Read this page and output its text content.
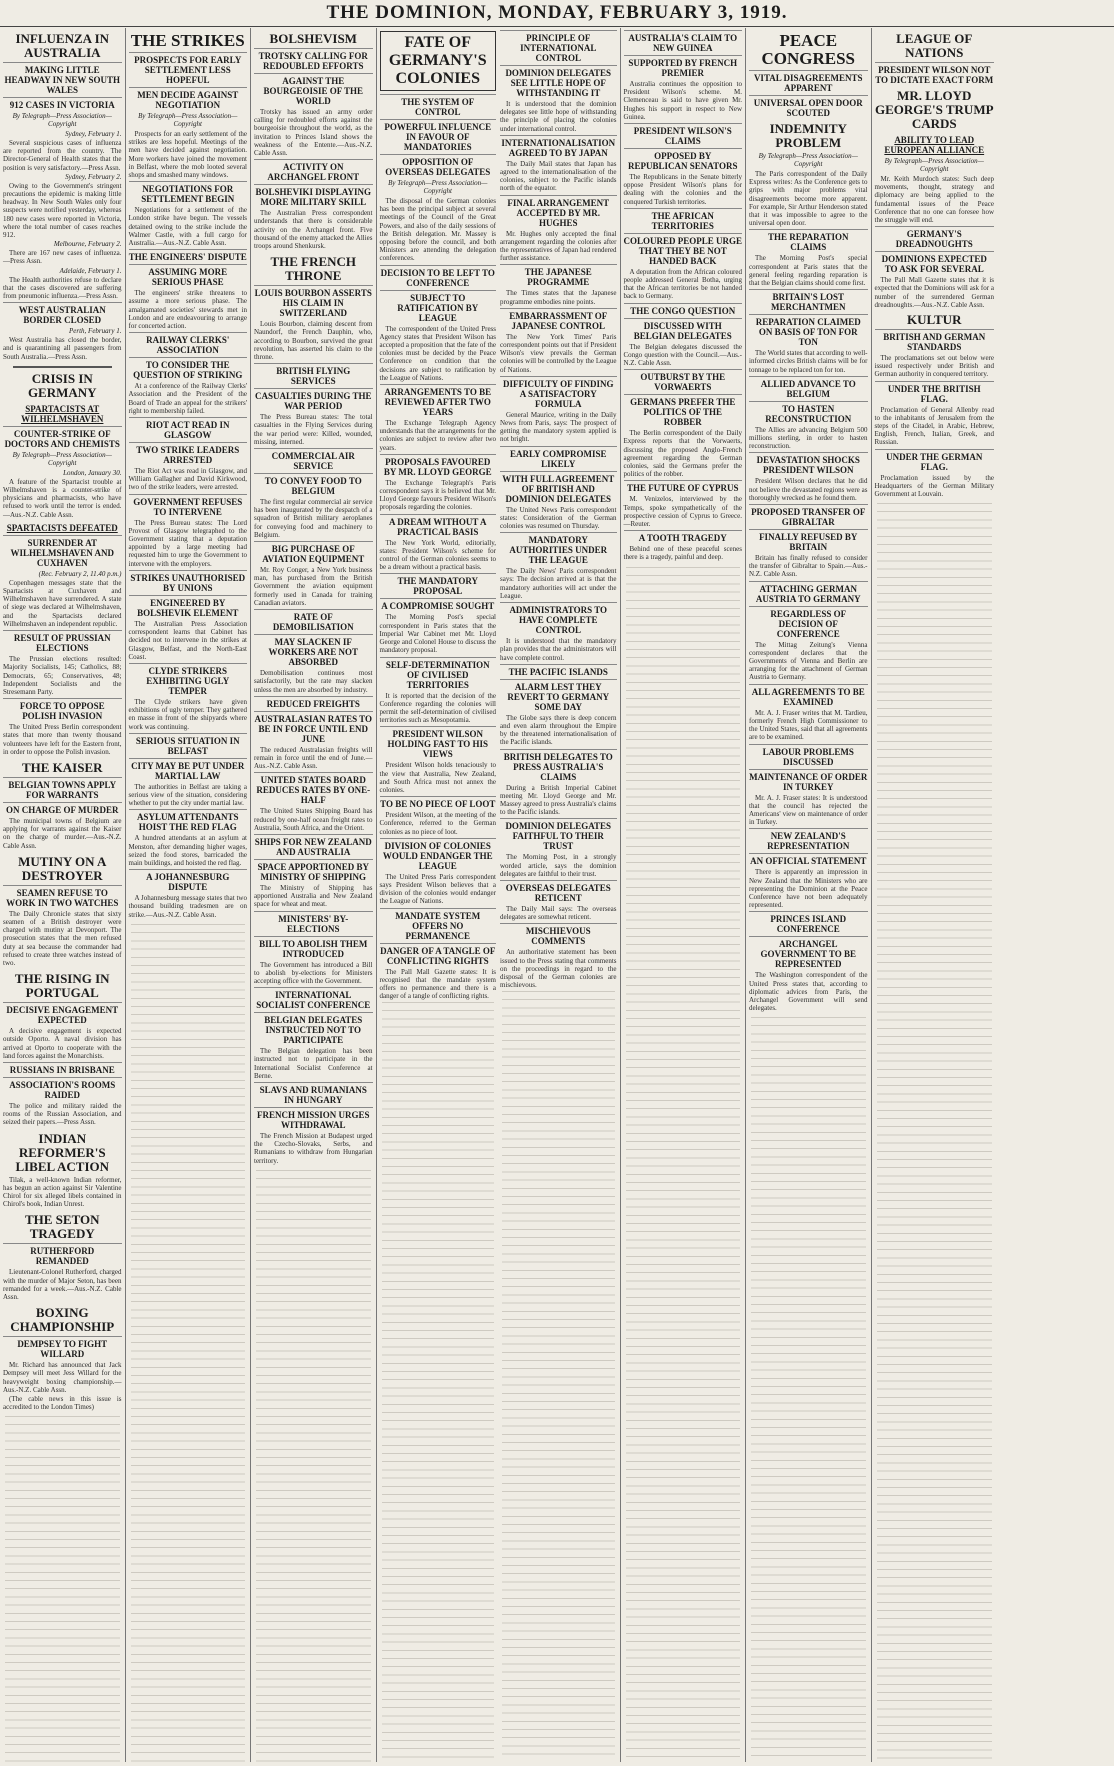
THE DOMINION, MONDAY, FEBRUARY 3, 1919.
INFLUENZA IN AUSTRALIA
MAKING LITTLE HEADWAY IN NEW SOUTH WALES
912 CASES IN VICTORIA
By Telegraph—Press Association—Copyright
Sydney, February 1.
Several suspicious cases of influenza are reported from the country. The Director-General of Health states that the position is very satisfactory.—Press Assn.
Sydney, February 2.
Owing to the Government's stringent precautions the epidemic is making little headway. In New South Wales only four suspects were notified yesterday, whereas 180 new cases were reported in Victoria, where the total number of cases reaches 912.
Melbourne, February 2.
There are 167 new cases of influenza.—Press Assn.
Adelaide, February 1.
The Health authorities refuse to declare that the cases discovered are suffering from pneumonic influenza.—Press Assn.
WEST AUSTRALIAN BORDER CLOSED
Perth, February 1.
West Australia has closed the border, and is quarantining all passengers from South Australia.—Press Assn.
CRISIS IN GERMANY
SPARTACISTS AT WILHELMSHAVEN
COUNTER-STRIKE OF DOCTORS AND CHEMISTS
By Telegraph—Press Association—Copyright
London, January 30.
A feature of the Spartacist trouble at Wilhelmshaven is a counter-strike of physicians and pharmacists, who have refused to work until the terror is ended.—Aus.-N.Z. Cable Assn.
SPARTACISTS DEFEATED
SURRENDER AT WILHELMSHAVEN AND CUXHAVEN
(Rec. February 2, 11.40 p.m.)
Copenhagen messages state that the Spartacists at Cuxhaven and Wilhelmshaven have surrendered. A state of siege was declared at Wilhelmshaven, and the Spartacists declared Wilhelmshaven an independent republic.
RESULT OF PRUSSIAN ELECTIONS
The Prussian elections resulted: Majority Socialists, 145; Catholics, 88; Democrats, 65; Conservatives, 48; Independent Socialists and the Stresemann Party.
FORCE TO OPPOSE POLISH INVASION
The United Press Berlin correspondent states that more than twenty thousand volunteers have left for the Eastern front, in order to oppose the Polish invasion.
THE KAISER
BELGIAN TOWNS APPLY FOR WARRANTS
ON CHARGE OF MURDER
The municipal towns of Belgium are applying for warrants against the Kaiser on the charge of murder.—Aus.-N.Z. Cable Assn.
MUTINY ON A DESTROYER
SEAMEN REFUSE TO WORK IN TWO WATCHES
The Daily Chronicle states that sixty seamen of a British destroyer were charged with mutiny at Devonport. The prosecution states that the men refused duty at sea because the commander had refused to create three watches instead of two.
THE RISING IN PORTUGAL
DECISIVE ENGAGEMENT EXPECTED
A decisive engagement is expected outside Oporto. A naval division has arrived at Oporto to cooperate with the land forces against the Monarchists.
RUSSIANS IN BRISBANE
ASSOCIATION'S ROOMS RAIDED
The police and military raided the rooms of the Russian Association, and seized their papers.—Press Assn.
INDIAN REFORMER'S LIBEL ACTION
Tilak, a well-known Indian reformer, has begun an action against Sir Valentine Chirol for six alleged libels contained in Chirol's book, Indian Unrest.
THE SETON TRAGEDY
RUTHERFORD REMANDED
Lieutenant-Colonel Rutherford, charged with the murder of Major Seton, has been remanded for a week.—Aus.-N.Z. Cable Assn.
BOXING CHAMPIONSHIP
DEMPSEY TO FIGHT WILLARD
Mr. Richard has announced that Jack Dempsey will meet Jess Willard for the heavyweight boxing championship.—Aus.-N.Z. Cable Assn.
(The cable news in this issue is accredited to the London Times)
THE STRIKES
PROSPECTS FOR EARLY SETTLEMENT LESS HOPEFUL
MEN DECIDE AGAINST NEGOTIATION
By Telegraph—Press Association—Copyright
Prospects for an early settlement of the strikes are less hopeful. Meetings of the men have decided against negotiation. More workers have joined the movement in Belfast, where the mob looted several shops and smashed many windows.
NEGOTIATIONS FOR SETTLEMENT BEGIN
Negotiations for a settlement of the London strike have begun. The vessels detained owing to the strike include the Walmer Castle, with a full cargo for Australia.—Aus.-N.Z. Cable Assn.
THE ENGINEERS' DISPUTE
ASSUMING MORE SERIOUS PHASE
The engineers' strike threatens to assume a more serious phase. The amalgamated societies' stewards met in London and are endeavouring to arrange for concerted action.
RAILWAY CLERKS' ASSOCIATION
TO CONSIDER THE QUESTION OF STRIKING
At a conference of the Railway Clerks' Association and the President of the Board of Trade an appeal for the strikers' right to membership failed.
RIOT ACT READ IN GLASGOW
TWO STRIKE LEADERS ARRESTED
The Riot Act was read in Glasgow, and William Gallagher and David Kirkwood, two of the strike leaders, were arrested.
GOVERNMENT REFUSES TO INTERVENE
The Press Bureau states: The Lord Provost of Glasgow telegraphed to the Government stating that a deputation appointed by a large meeting had requested him to urge the Government to intervene with the employers.
STRIKES UNAUTHORISED BY UNIONS
ENGINEERED BY BOLSHEVIK ELEMENT
The Australian Press Association correspondent learns that Cabinet has decided not to intervene in the strikes at Glasgow, Belfast, and the North-East Coast.
CLYDE STRIKERS EXHIBITING UGLY TEMPER
The Clyde strikers have given exhibitions of ugly temper. They gathered en masse in front of the shipyards where work was continuing.
SERIOUS SITUATION IN BELFAST
CITY MAY BE PUT UNDER MARTIAL LAW
The authorities in Belfast are taking a serious view of the situation, considering whether to put the city under martial law.
ASYLUM ATTENDANTS HOIST THE RED FLAG
A hundred attendants at an asylum at Menston, after demanding higher wages, seized the food stores, barricaded the main buildings, and hoisted the red flag.
A JOHANNESBURG DISPUTE
A Johannesburg message states that two thousand building tradesmen are on strike.—Aus.-N.Z. Cable Assn.
BOLSHEVISM
TROTSKY CALLING FOR REDOUBLED EFFORTS
AGAINST THE BOURGEOISIE OF THE WORLD
Trotsky has issued an army order calling for redoubled efforts against the bourgeoisie throughout the world, as the invitation to Princes Island shows the weakness of the Entente.—Aus.-N.Z. Cable Assn.
ACTIVITY ON ARCHANGEL FRONT
BOLSHEVIKI DISPLAYING MORE MILITARY SKILL
The Australian Press correspondent understands that there is considerable activity on the Archangel front. Five thousand of the enemy attacked the Allies troops around Shenkursk.
THE FRENCH THRONE
LOUIS BOURBON ASSERTS HIS CLAIM IN SWITZERLAND
Louis Bourbon, claiming descent from Naundorf, the French Dauphin, who, according to Bourbon, survived the great revolution, has asserted his claim to the throne.
BRITISH FLYING SERVICES
CASUALTIES DURING THE WAR PERIOD
The Press Bureau states: The total casualties in the Flying Services during the war period were: Killed, wounded, missing, interned.
COMMERCIAL AIR SERVICE
TO CONVEY FOOD TO BELGIUM
The first regular commercial air service has been inaugurated by the despatch of a squadron of British military aeroplanes for conveying food and machinery to Belgium.
BIG PURCHASE OF AVIATION EQUIPMENT
Mr. Roy Conger, a New York business man, has purchased from the British Government the aviation equipment formerly used in Canada for training Canadian aviators.
RATE OF DEMOBILISATION
MAY SLACKEN IF WORKERS ARE NOT ABSORBED
Demobilisation continues most satisfactorily, but the rate may slacken unless the men are absorbed by industry.
REDUCED FREIGHTS
AUSTRALASIAN RATES TO BE IN FORCE UNTIL END JUNE
The reduced Australasian freights will remain in force until the end of June.—Aus.-N.Z. Cable Assn.
UNITED STATES BOARD REDUCES RATES BY ONE-HALF
The United States Shipping Board has reduced by one-half ocean freight rates to Australia, South Africa, and the Orient.
SHIPS FOR NEW ZEALAND AND AUSTRALIA
SPACE APPORTIONED BY MINISTRY OF SHIPPING
The Ministry of Shipping has apportioned Australia and New Zealand space for wheat and meat.
MINISTERS' BY-ELECTIONS
BILL TO ABOLISH THEM INTRODUCED
The Government has introduced a Bill to abolish by-elections for Ministers accepting office with the Government.
INTERNATIONAL SOCIALIST CONFERENCE
BELGIAN DELEGATES INSTRUCTED NOT TO PARTICIPATE
The Belgian delegation has been instructed not to participate in the International Socialist Conference at Berne.
SLAVS AND RUMANIANS IN HUNGARY
FRENCH MISSION URGES WITHDRAWAL
The French Mission at Budapest urged the Czecho-Slovaks, Serbs, and Rumanians to withdraw from Hungarian territory.
FATE OF GERMANY'S COLONIES
THE SYSTEM OF CONTROL
POWERFUL INFLUENCE IN FAVOUR OF MANDATORIES
OPPOSITION OF OVERSEAS DELEGATES
By Telegraph—Press Association—Copyright
The disposal of the German colonies has been the principal subject at several meetings of the Council of the Great Powers, and also of the daily sessions of the British delegation. Mr. Massey is opposing before the council, and both Ministers are attending the delegation conferences.
DECISION TO BE LEFT TO CONFERENCE
SUBJECT TO RATIFICATION BY LEAGUE
The correspondent of the United Press Agency states that President Wilson has accepted a proposition that the fate of the colonies must be decided by the Peace Conference on condition that the decisions are subject to ratification by the League of Nations.
ARRANGEMENTS TO BE REVIEWED AFTER TWO YEARS
The Exchange Telegraph Agency understands that the arrangements for the colonies are subject to review after two years.
PROPOSALS FAVOURED BY MR. LLOYD GEORGE
The Exchange Telegraph's Paris correspondent says it is believed that Mr. Lloyd George favours President Wilson's proposals regarding the colonies.
A DREAM WITHOUT A PRACTICAL BASIS
The New York World, editorially, states: President Wilson's scheme for control of the German colonies seems to be a dream without a practical basis.
THE MANDATORY PROPOSAL
A COMPROMISE SOUGHT
The Morning Post's special correspondent in Paris states that the Imperial War Cabinet met Mr. Lloyd George and Colonel House to discuss the mandatory proposal.
SELF-DETERMINATION OF CIVILISED TERRITORIES
It is reported that the decision of the Conference regarding the colonies will permit the self-determination of civilised territories such as Mesopotamia.
PRESIDENT WILSON HOLDING FAST TO HIS VIEWS
President Wilson holds tenaciously to the view that Australia, New Zealand, and South Africa must not annex the colonies.
TO BE NO PIECE OF LOOT
President Wilson, at the meeting of the Conference, referred to the German colonies as no piece of loot.
DIVISION OF COLONIES WOULD ENDANGER THE LEAGUE
The United Press Paris correspondent says President Wilson believes that a division of the colonies would endanger the League of Nations.
MANDATE SYSTEM OFFERS NO PERMANENCE
DANGER OF A TANGLE OF CONFLICTING RIGHTS
The Pall Mall Gazette states: It is recognised that the mandate system offers no permanence and there is a danger of a tangle of conflicting rights.
PRINCIPLE OF INTERNATIONAL CONTROL
DOMINION DELEGATES SEE LITTLE HOPE OF WITHSTANDING IT
It is understood that the dominion delegates see little hope of withstanding the principle of placing the colonies under international control.
INTERNATIONALISATION AGREED TO BY JAPAN
The Daily Mail states that Japan has agreed to the internationalisation of the colonies, subject to the Pacific islands north of the equator.
FINAL ARRANGEMENT ACCEPTED BY MR. HUGHES
Mr. Hughes only accepted the final arrangement regarding the colonies after the representatives of Japan had rendered further assistance.
THE JAPANESE PROGRAMME
The Times states that the Japanese programme embodies nine points.
EMBARRASSMENT OF JAPANESE CONTROL
The New York Times' Paris correspondent points out that if President Wilson's view prevails the German colonies will be controlled by the League of Nations.
DIFFICULTY OF FINDING A SATISFACTORY FORMULA
General Maurice, writing in the Daily News from Paris, says: The prospect of getting the mandatory system applied is not bright.
EARLY COMPROMISE LIKELY
WITH FULL AGREEMENT OF BRITISH AND DOMINION DELEGATES
The United News Paris correspondent states: Consideration of the German colonies was resumed on Thursday.
MANDATORY AUTHORITIES UNDER THE LEAGUE
The Daily News' Paris correspondent says: The decision arrived at is that the mandatory authorities will act under the League.
ADMINISTRATORS TO HAVE COMPLETE CONTROL
It is understood that the mandatory plan provides that the administrators will have complete control.
THE PACIFIC ISLANDS
ALARM LEST THEY REVERT TO GERMANY SOME DAY
The Globe says there is deep concern and even alarm throughout the Empire by the threatened internationalisation of the Pacific islands.
BRITISH DELEGATES TO PRESS AUSTRALIA'S CLAIMS
During a British Imperial Cabinet meeting Mr. Lloyd George and Mr. Massey agreed to press Australia's claims to the Pacific islands.
DOMINION DELEGATES FAITHFUL TO THEIR TRUST
The Morning Post, in a strongly worded article, says the dominion delegates are faithful to their trust.
OVERSEAS DELEGATES RETICENT
The Daily Mail says: The overseas delegates are somewhat reticent.
MISCHIEVOUS COMMENTS
An authoritative statement has been issued to the Press stating that comments on the proceedings in regard to the disposal of the German colonies are mischievous.
AUSTRALIA'S CLAIM TO NEW GUINEA
SUPPORTED BY FRENCH PREMIER
Australia continues the opposition to President Wilson's scheme. M. Clemenceau is said to have given Mr. Hughes his support in respect to New Guinea.
PRESIDENT WILSON'S CLAIMS
OPPOSED BY REPUBLICAN SENATORS
The Republicans in the Senate bitterly oppose President Wilson's plans for dealing with the colonies and the conquered Turkish territories.
THE AFRICAN TERRITORIES
COLOURED PEOPLE URGE THAT THEY BE NOT HANDED BACK
A deputation from the African coloured people addressed General Botha, urging that the African territories be not handed back to Germany.
THE CONGO QUESTION
DISCUSSED WITH BELGIAN DELEGATES
The Belgian delegates discussed the Congo question with the Council.—Aus.-N.Z. Cable Assn.
OUTBURST BY THE VORWAERTS
GERMANS PREFER THE POLITICS OF THE ROBBER
The Berlin correspondent of the Daily Express reports that the Vorwaerts, discussing the proposed Anglo-French agreement regarding the German colonies, said the Germans prefer the politics of the robber.
THE FUTURE OF CYPRUS
M. Venizelos, interviewed by the Temps, spoke sympathetically of the prospective cession of Cyprus to Greece.—Reuter.
A TOOTH TRAGEDY
Behind one of these peaceful scenes there is a tragedy, painful and deep.
PEACE CONGRESS
VITAL DISAGREEMENTS APPARENT
UNIVERSAL OPEN DOOR SCOUTED
INDEMNITY PROBLEM
By Telegraph—Press Association—Copyright
The Paris correspondent of the Daily Express writes: As the Conference gets to grips with major problems vital disagreements become more apparent. For example, Sir Arthur Henderson stated that it was impossible to agree to the universal open door.
THE REPARATION CLAIMS
The Morning Post's special correspondent at Paris states that the general feeling regarding reparation is that the Belgian claims should come first.
BRITAIN'S LOST MERCHANTMEN
REPARATION CLAIMED ON BASIS OF TON FOR TON
The World states that according to well-informed circles British claims will be for tonnage to be replaced ton for ton.
ALLIED ADVANCE TO BELGIUM
TO HASTEN RECONSTRUCTION
The Allies are advancing Belgium 500 millions sterling, in order to hasten reconstruction.
DEVASTATION SHOCKS PRESIDENT WILSON
President Wilson declares that he did not believe the devastated regions were as thoroughly wrecked as he found them.
PROPOSED TRANSFER OF GIBRALTAR
FINALLY REFUSED BY BRITAIN
Britain has finally refused to consider the transfer of Gibraltar to Spain.—Aus.-N.Z. Cable Assn.
ATTACHING GERMAN AUSTRIA TO GERMANY
REGARDLESS OF DECISION OF CONFERENCE
The Mittag Zeitung's Vienna correspondent declares that the Governments of Vienna and Berlin are arranging for the attachment of German Austria to Germany.
ALL AGREEMENTS TO BE EXAMINED
Mr. A. J. Fraser writes that M. Tardieu, formerly French High Commissioner to the United States, said that all agreements are to be examined.
LABOUR PROBLEMS DISCUSSED
MAINTENANCE OF ORDER IN TURKEY
Mr. A. J. Fraser states: It is understood that the council has rejected the Americans' view on maintenance of order in Turkey.
NEW ZEALAND'S REPRESENTATION
AN OFFICIAL STATEMENT
There is apparently an impression in New Zealand that the Ministers who are representing the Dominion at the Peace Conference have not been adequately represented.
PRINCES ISLAND CONFERENCE
ARCHANGEL GOVERNMENT TO BE REPRESENTED
The Washington correspondent of the United Press states that, according to diplomatic advices from Paris, the Archangel Government will send delegates.
LEAGUE OF NATIONS
PRESIDENT WILSON NOT TO DICTATE EXACT FORM
MR. LLOYD GEORGE'S TRUMP CARDS
ABILITY TO LEAD EUROPEAN ALLIANCE
By Telegraph—Press Association—Copyright
Mr. Keith Murdoch states: Such deep movements, thought, strategy and diplomacy are being applied to the fundamental issues of the Peace Conference that no one can foresee how the struggle will end.
GERMANY'S DREADNOUGHTS
DOMINIONS EXPECTED TO ASK FOR SEVERAL
The Pall Mall Gazette states that it is expected that the Dominions will ask for a number of the surrendered German dreadnoughts.—Aus.-N.Z. Cable Assn.
KULTUR
BRITISH AND GERMAN STANDARDS
The proclamations set out below were issued respectively under British and German authority in conquered territory.
UNDER THE BRITISH FLAG.
Proclamation of General Allenby read to the inhabitants of Jerusalem from the steps of the Citadel, in Arabic, Hebrew, English, French, Italian, Greek, and Russian.
UNDER THE GERMAN FLAG.
Proclamation issued by the Headquarters of the German Military Government at Louvain.
